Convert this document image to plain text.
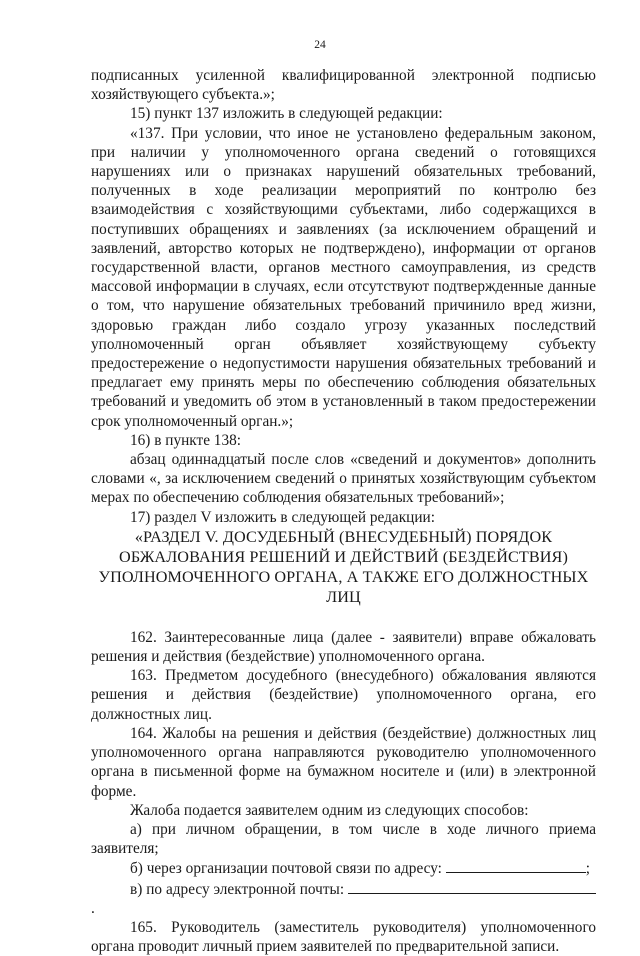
24

подписанных усиленной квалифицированной электронной подписью хозяйствующего субъекта.»;

15) пункт 137 изложить в следующей редакции:

«137. При условии, что иное не установлено федеральным законом, при наличии у уполномоченного органа сведений о готовящихся нарушениях или о признаках нарушений обязательных требований, полученных в ходе реализации мероприятий по контролю без взаимодействия с хозяйствующими субъектами, либо содержащихся в поступивших обращениях и заявлениях (за исключением обращений и заявлений, авторство которых не подтверждено), информации от органов государственной власти, органов местного самоуправления, из средств массовой информации в случаях, если отсутствуют подтвержденные данные о том, что нарушение обязательных требований причинило вред жизни, здоровью граждан либо создало угрозу указанных последствий уполномоченный орган объявляет хозяйствующему субъекту предостережение о недопустимости нарушения обязательных требований и предлагает ему принять меры по обеспечению соблюдения обязательных требований и уведомить об этом в установленный в таком предостережении срок уполномоченный орган.»;

16) в пункте 138:

абзац одиннадцатый после слов «сведений и документов» дополнить словами «, за исключением сведений о принятых хозяйствующим субъектом мерах по обеспечению соблюдения обязательных требований»;

17) раздел V изложить в следующей редакции:

«РАЗДЕЛ V. ДОСУДЕБНЫЙ (ВНЕСУДЕБНЫЙ) ПОРЯДОК

ОБЖАЛОВАНИЯ РЕШЕНИЙ И ДЕЙСТВИЙ (БЕЗДЕЙСТВИЯ)

УПОЛНОМОЧЕННОГО ОРГАНА, А ТАКЖЕ ЕГО ДОЛЖНОСТНЫХ ЛИЦ

162. Заинтересованные лица (далее - заявители) вправе обжаловать решения и действия (бездействие) уполномоченного органа.

163. Предметом досудебного (внесудебного) обжалования являются решения и действия (бездействие) уполномоченного органа, его должностных лиц.

164. Жалобы на решения и действия (бездействие) должностных лиц уполномоченного органа направляются руководителю уполномоченного органа в письменной форме на бумажном носителе и (или) в электронной форме.

Жалоба подается заявителем одним из следующих способов:

а) при личном обращении, в том числе в ходе личного приема заявителя;

б) через организации почтовой связи по адресу:	;

в) по адресу электронной почты: .

165. Руководитель (заместитель руководителя) уполномоченного органа проводит личный прием заявителей по предварительной записи.
